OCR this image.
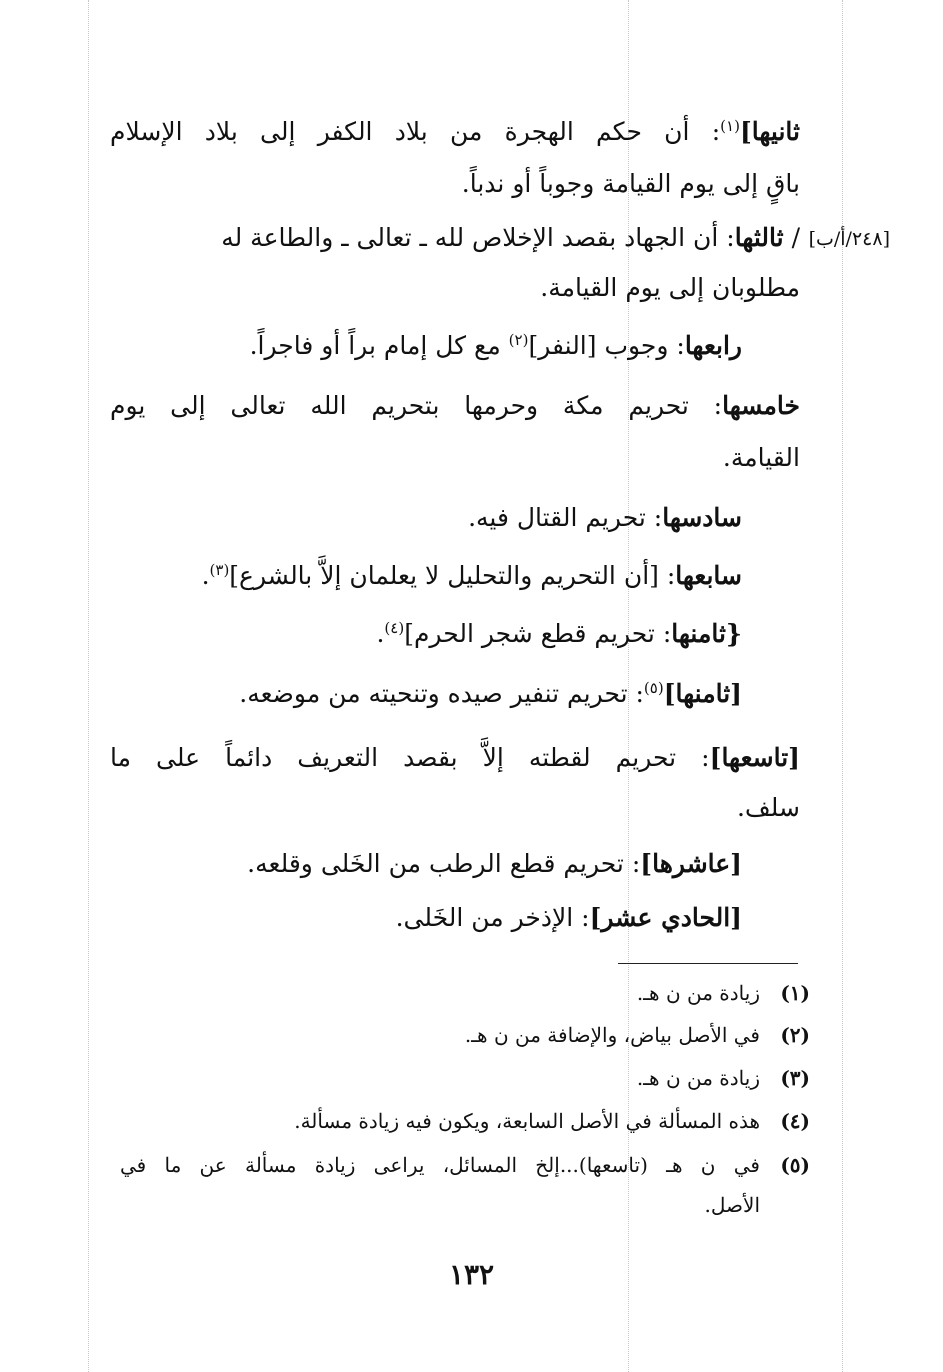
[٢٤٨/أ/ب]
ثانيها]$^{(١)}$: أن حكم الهجرة من بلاد الكفر إلى بلاد الإسلام
باقٍ إلى يوم القيامة وجوباً أو ندباً.
/ ثالثها: أن الجهاد بقصد الإخلاص لله ـ تعالى ـ والطاعة له
مطلوبان إلى يوم القيامة.
رابعها: وجوب [النفر]$^{(٢)}$ مع كل إمام براً أو فاجراً.
خامسها: تحريم مكة وحرمها بتحريم الله تعالى إلى يوم
القيامة.
سادسها: تحريم القتال فيه.
سابعها: [أن التحريم والتحليل لا يعلمان إلاَّ بالشرع]$^{(٣)}$.
{ثامنها: تحريم قطع شجر الحرم]$^{(٤)}$.
[ثامنها]$^{(٥)}$: تحريم تنفير صيده وتنحيته من موضعه.
[تاسعها]: تحريم لقطته إلاَّ بقصد التعريف دائماً على ما
سلف.
[عاشرها]: تحريم قطع الرطب من الخَلى وقلعه.
[الحادي عشر]: الإذخر من الخَلى.
(١)زيادة من ن هـ.
(٢)في الأصل بياض، والإضافة من ن هـ.
(٣)زيادة من ن هـ.
(٤)هذه المسألة في الأصل السابعة، ويكون فيه زيادة مسألة.
(٥)في ن هـ (تاسعها)...إلخ المسائل، يراعى زيادة مسألة عن ما في
الأصل.
١٣٢
